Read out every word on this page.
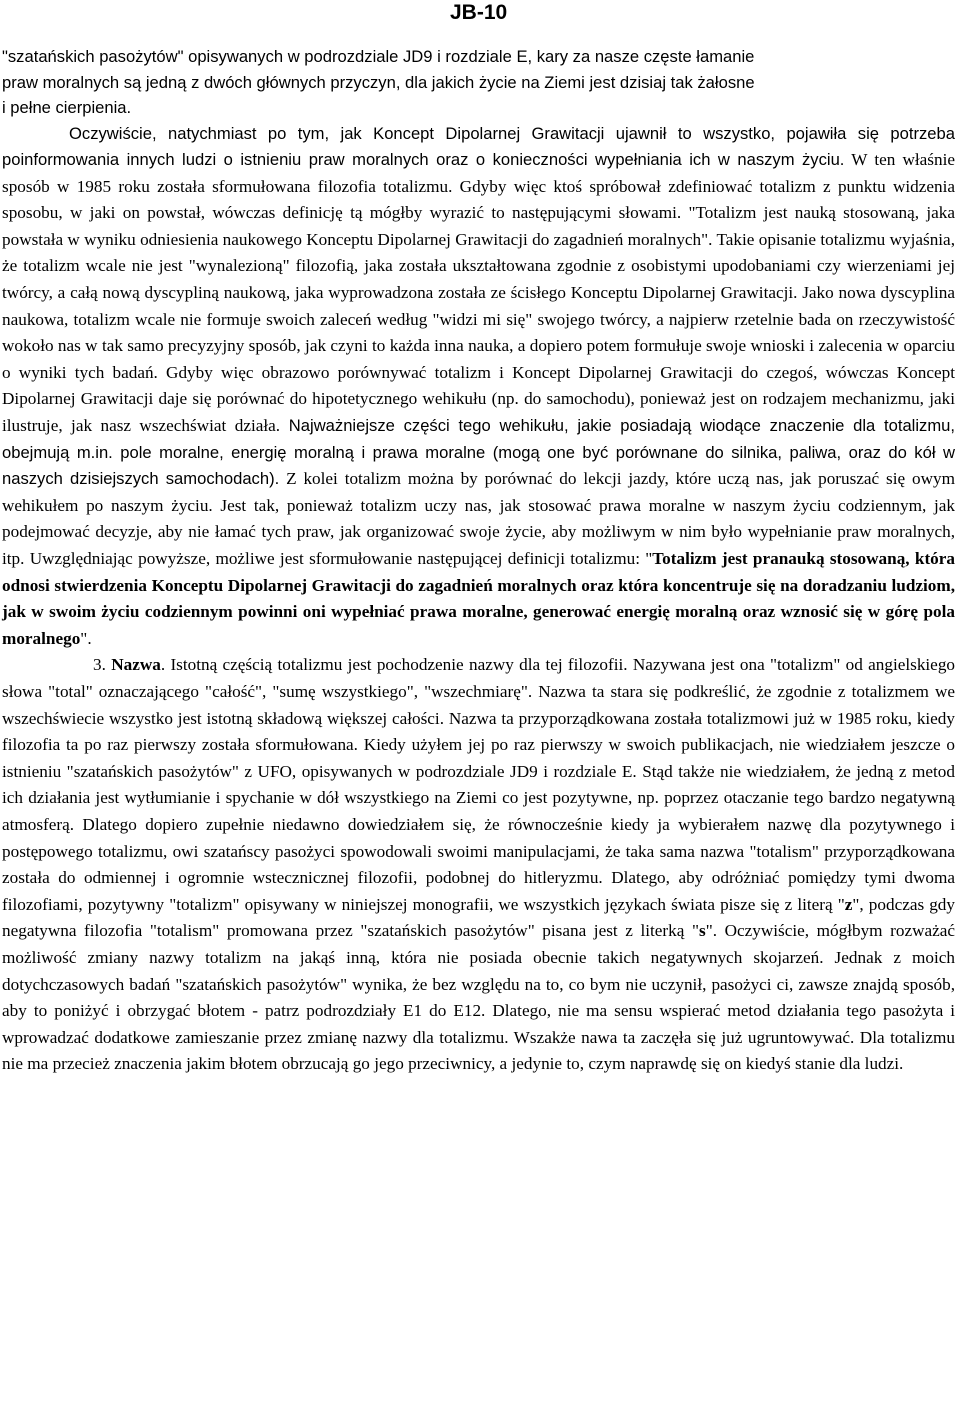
JB-10

"szatańskich pasożytów" opisywanych w podrozdziale JD9 i rozdziale E, kary za nasze częste łamanie
praw moralnych są jedną z dwóch głównych przyczyn, dla jakich życie na Ziemi jest dzisiaj tak żałosne
i pełne cierpienia.

Oczywiście, natychmiast po tym, jak Koncept Dipolarnej Grawitacji ujawnił to wszystko, pojawiła się potrzeba poinformowania innych ludzi o istnieniu praw moralnych oraz o konieczności wypełniania ich w naszym życiu. W ten właśnie sposób w 1985 roku została sformułowana filozofia totalizmu. Gdyby więc ktoś spróbował zdefiniować totalizm z punktu widzenia sposobu, w jaki on powstał, wówczas definicję tą mógłby wyrazić to następującymi słowami. "Totalizm jest nauką stosowaną, jaka powstała w wyniku odniesienia naukowego Konceptu Dipolarnej Grawitacji do zagadnień moralnych". Takie opisanie totalizmu wyjaśnia, że totalizm wcale nie jest "wynalezioną" filozofią, jaka została ukształtowana zgodnie z osobistymi upodobaniami czy wierzeniami jej twórcy, a całą nową dyscypliną naukową, jaka wyprowadzona została ze ścisłego Konceptu Dipolarnej Grawitacji. Jako nowa dyscyplina naukowa, totalizm wcale nie formuje swoich zaleceń według "widzi mi się" swojego twórcy, a najpierw rzetelnie bada on rzeczywistość wokoło nas w tak samo precyzyjny sposób, jak czyni to każda inna nauka, a dopiero potem formułuje swoje wnioski i zalecenia w oparciu o wyniki tych badań. Gdyby więc obrazowo porównywać totalizm i Koncept Dipolarnej Grawitacji do czegoś, wówczas Koncept Dipolarnej Grawitacji daje się porównać do hipotetycznego wehikułu (np. do samochodu), ponieważ jest on rodzajem mechanizmu, jaki ilustruje, jak nasz wszechświat działa. Najważniejsze części tego wehikułu, jakie posiadają wiodące znaczenie dla totalizmu, obejmują m.in. pole moralne, energię moralną i prawa moralne (mogą one być porównane do silnika, paliwa, oraz do kół w naszych dzisiejszych samochodach). Z kolei totalizm można by porównać do lekcji jazdy, które uczą nas, jak poruszać się owym wehikułem po naszym życiu. Jest tak, ponieważ totalizm uczy nas, jak stosować prawa moralne w naszym życiu codziennym, jak podejmować decyzje, aby nie łamać tych praw, jak organizować swoje życie, aby możliwym w nim było wypełnianie praw moralnych, itp. Uwzględniając powyższe, możliwe jest sformułowanie następującej definicji totalizmu: "Totalizm jest pranauką stosowaną, która odnosi stwierdzenia Konceptu Dipolarnej Grawitacji do zagadnień moralnych oraz która koncentruje się na doradzaniu ludziom, jak w swoim życiu codziennym powinni oni wypełniać prawa moralne, generować energię moralną oraz wznosić się w górę pola moralnego".

3. Nazwa. Istotną częścią totalizmu jest pochodzenie nazwy dla tej filozofii. Nazywana jest ona "totalizm" od angielskiego słowa "total" oznaczającego "całość", "sumę wszystkiego", "wszechmiarę". Nazwa ta stara się podkreślić, że zgodnie z totalizmem we wszechświecie wszystko jest istotną składową większej całości. Nazwa ta przyporządkowana została totalizmowi już w 1985 roku, kiedy filozofia ta po raz pierwszy została sformułowana. Kiedy użyłem jej po raz pierwszy w swoich publikacjach, nie wiedziałem jeszcze o istnieniu "szatańskich pasożytów" z UFO, opisywanych w podrozdziale JD9 i rozdziale E. Stąd także nie wiedziałem, że jedną z metod ich działania jest wytłumianie i spychanie w dół wszystkiego na Ziemi co jest pozytywne, np. poprzez otaczanie tego bardzo negatywną atmosferą. Dlatego dopiero zupełnie niedawno dowiedziałem się, że równocześnie kiedy ja wybierałem nazwę dla pozytywnego i postępowego totalizmu, owi szatańscy pasożyci spowodowali swoimi manipulacjami, że taka sama nazwa "totalism" przyporządkowana została do odmiennej i ogromnie wstecznicznej filozofii, podobnej do hitleryzmu. Dlatego, aby odróżniać pomiędzy tymi dwoma filozofiami, pozytywny "totalizm" opisywany w niniejszej monografii, we wszystkich językach świata pisze się z literą "z", podczas gdy negatywna filozofia "totalism" promowana przez "szatańskich pasożytów" pisana jest z literką "s". Oczywiście, mógłbym rozważać możliwość zmiany nazwy totalizm na jakąś inną, która nie posiada obecnie takich negatywnych skojarzeń. Jednak z moich dotychczasowych badań "szatańskich pasożytów" wynika, że bez względu na to, co bym nie uczynił, pasożyci ci, zawsze znajdą sposób, aby to poniżyć i obrzygać błotem - patrz podrozdziały E1 do E12. Dlatego, nie ma sensu wspierać metod działania tego pasożyta i wprowadzać dodatkowe zamieszanie przez zmianę nazwy dla totalizmu. Wszakże nawa ta zaczęła się już ugruntowywać. Dla totalizmu nie ma przecież znaczenia jakim błotem obrzucają go jego przeciwnicy, a jedynie to, czym naprawdę się on kiedyś stanie dla ludzi.
